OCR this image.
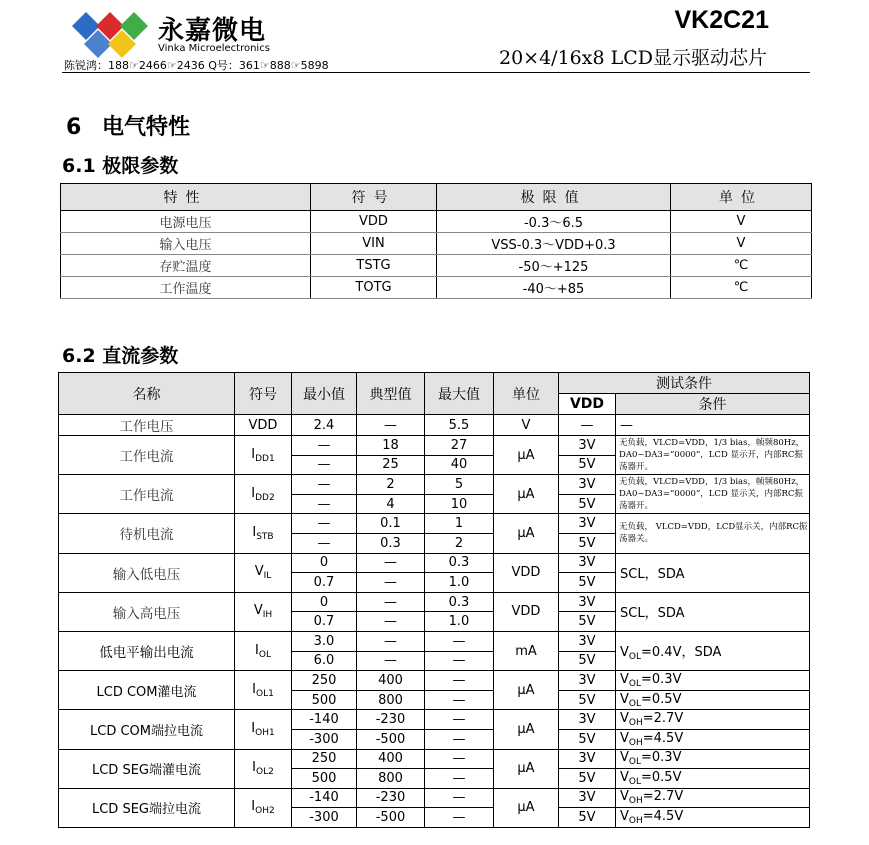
永嘉微电
Vinka Microelectronics
陈锐鸿：188☞2466☞2436 Q号：361☞888☞5898
VK2C21
20×4/16x8 LCD显示驱动芯片
6 电气特性
6.1 极限参数
特性	符号	极限值	单位
电源电压	VDD	-0.3～6.5	V
输入电压	VIN	VSS-0.3～VDD+0.3	V
存贮温度	TSTG	-50～+125	℃
工作温度	TOTG	-40～+85	℃
6.2 直流参数
名称	符号	最小值	典型值	最大值	单位	测试条件	
						VDD	条件
工作电压	VDD	2.4	—	5.5	V	—	—
工作电流	$I_{DD1}$	—	18	27	μA	3V	无负载，VLCD=VDD，1/3 bias，帧频80Hz，DA0~DA3=“0000”，LCD 显示开，内部RC振荡器开。
		—	25	40		5V	
工作电流	$I_{DD2}$	—	2	5	μA	3V	无负载，VLCD=VDD，1/3 bias，帧频80Hz，DA0~DA3=“0000”，LCD 显示关，内部RC振荡器开。
		—	4	10		5V	
待机电流	$I_{STB}$	—	0.1	1	μA	3V	无负载， VLCD=VDD，LCD显示关，内部RC振荡器关。
		—	0.3	2		5V	
输入低电压	$V_{IL}$	0	—	0.3	VDD	3V	SCL，SDA
		0.7	—	1.0		5V	
输入高电压	$V_{IH}$	0	—	0.3	VDD	3V	SCL，SDA
		0.7	—	1.0		5V	
低电平输出电流	$I_{OL}$	3.0	—	—	mA	3V	$V_{OL}=0.4V$，SDA
		6.0	—	—		5V	
LCD COM灌电流	$I_{OL1}$	250	400	—	μA	3V	$V_{OL}=0.3V$
		500	800	—		5V	$V_{OL}=0.5V$
LCD COM端拉电流	$I_{OH1}$	-140	-230	—	μA	3V	$V_{OH}=2.7V$
		-300	-500	—		5V	$V_{OH}=4.5V$
LCD SEG端灌电流	$I_{OL2}$	250	400	—	μA	3V	$V_{OL}=0.3V$
		500	800	—		5V	$V_{OL}=0.5V$
LCD SEG端拉电流	$I_{OH2}$	-140	-230	—	μA	3V	$V_{OH}=2.7V$
		-300	-500	—		5V	$V_{OH}=4.5V$
